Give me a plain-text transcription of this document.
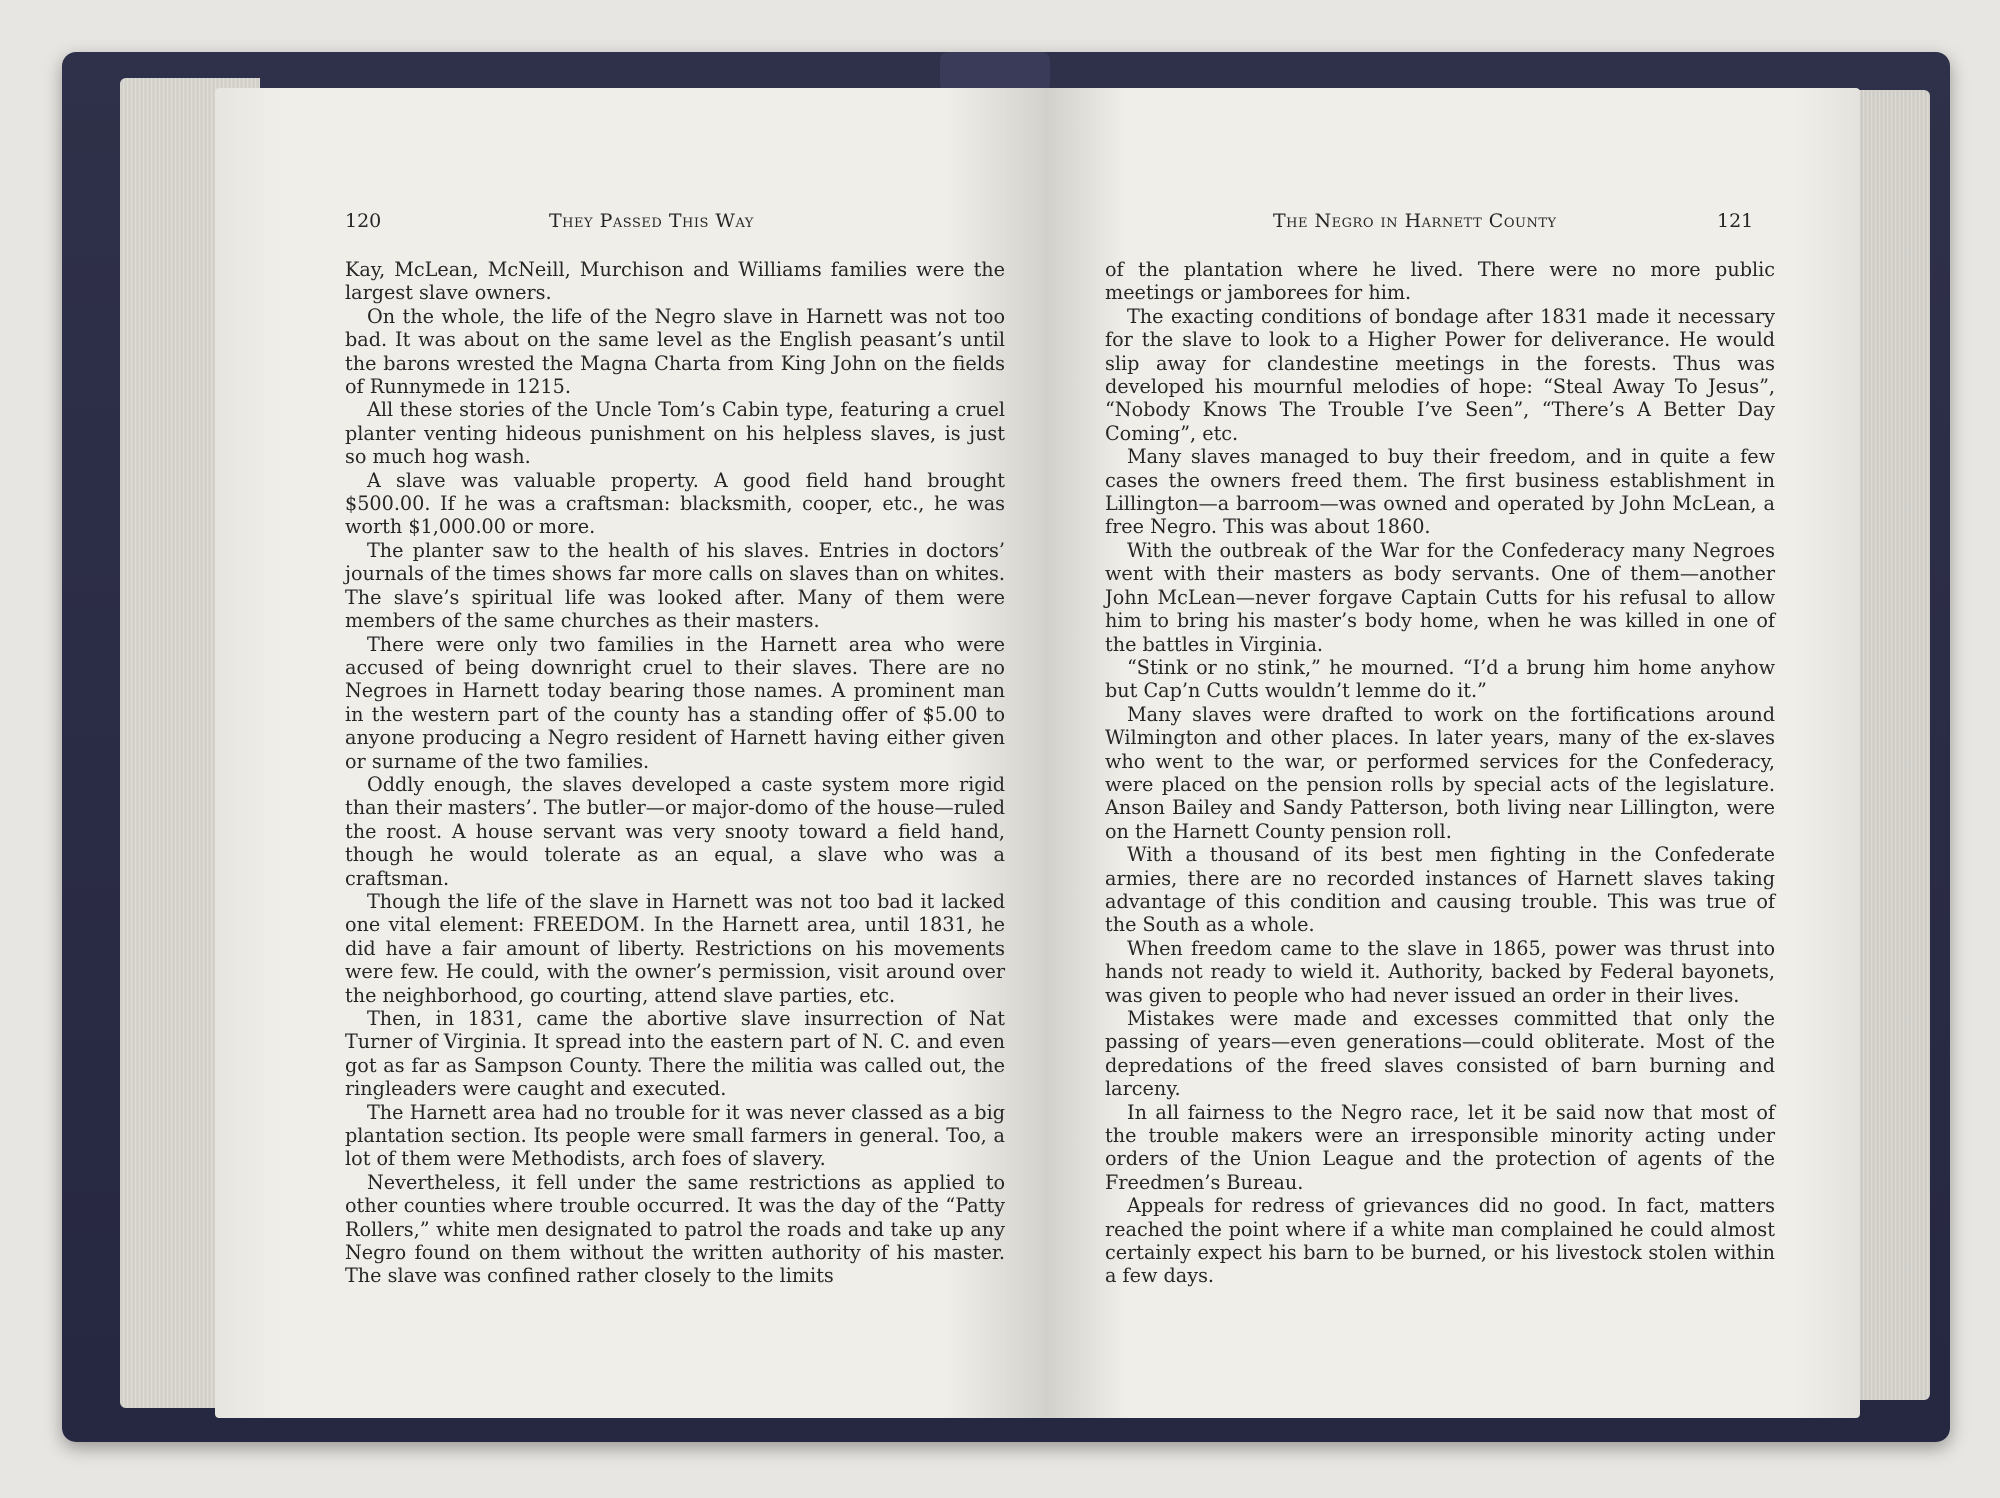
120	They Passed This Way

Kay, McLean, McNeill, Murchison and Williams families were the largest slave owners.

On the whole, the life of the Negro slave in Harnett was not too bad. It was about on the same level as the English peasant’s until the barons wrested the Magna Charta from King John on the fields of Runnymede in 1215.

All these stories of the Uncle Tom’s Cabin type, featuring a cruel planter venting hideous punishment on his helpless slaves, is just so much hog wash.

A slave was valuable property. A good field hand brought $500.00. If he was a craftsman: blacksmith, cooper, etc., he was worth $1,000.00 or more.

The planter saw to the health of his slaves. Entries in doctors’ journals of the times shows far more calls on slaves than on whites. The slave’s spiritual life was looked after. Many of them were members of the same churches as their masters.

There were only two families in the Harnett area who were accused of being downright cruel to their slaves. There are no Negroes in Harnett today bearing those names. A prominent man in the western part of the county has a standing offer of $5.00 to anyone producing a Negro resident of Harnett having either given or surname of the two families.

Oddly enough, the slaves developed a caste system more rigid than their masters’. The butler—or major-domo of the house—ruled the roost. A house servant was very snooty toward a field hand, though he would tolerate as an equal, a slave who was a craftsman.

Though the life of the slave in Harnett was not too bad it lacked one vital element: FREEDOM. In the Harnett area, until 1831, he did have a fair amount of liberty. Restrictions on his movements were few. He could, with the owner’s permission, visit around over the neighborhood, go courting, attend slave parties, etc.

Then, in 1831, came the abortive slave insurrection of Nat Turner of Virginia. It spread into the eastern part of N. C. and even got as far as Sampson County. There the militia was called out, the ringleaders were caught and executed.

The Harnett area had no trouble for it was never classed as a big plantation section. Its people were small farmers in general. Too, a lot of them were Methodists, arch foes of slavery.

Nevertheless, it fell under the same restrictions as applied to other counties where trouble occurred. It was the day of the “Patty Rollers,” white men designated to patrol the roads and take up any Negro found on them without the written authority of his master. The slave was confined rather closely to the limits

The Negro in Harnett County	121

of the plantation where he lived. There were no more public meetings or jamborees for him.

The exacting conditions of bondage after 1831 made it necessary for the slave to look to a Higher Power for deliverance. He would slip away for clandestine meetings in the forests. Thus was developed his mournful melodies of hope: “Steal Away To Jesus”, “Nobody Knows The Trouble I’ve Seen”, “There’s A Better Day Coming”, etc.

Many slaves managed to buy their freedom, and in quite a few cases the owners freed them. The first business establishment in Lillington—a barroom—was owned and operated by John McLean, a free Negro. This was about 1860.

With the outbreak of the War for the Confederacy many Negroes went with their masters as body servants. One of them—another John McLean—never forgave Captain Cutts for his refusal to allow him to bring his master’s body home, when he was killed in one of the battles in Virginia.

“Stink or no stink,” he mourned. “I’d a brung him home anyhow but Cap’n Cutts wouldn’t lemme do it.”

Many slaves were drafted to work on the fortifications around Wilmington and other places. In later years, many of the ex-slaves who went to the war, or performed services for the Confederacy, were placed on the pension rolls by special acts of the legislature. Anson Bailey and Sandy Patterson, both living near Lillington, were on the Harnett County pension roll.

With a thousand of its best men fighting in the Confederate armies, there are no recorded instances of Harnett slaves taking advantage of this condition and causing trouble. This was true of the South as a whole.

When freedom came to the slave in 1865, power was thrust into hands not ready to wield it. Authority, backed by Federal bayonets, was given to people who had never issued an order in their lives.

Mistakes were made and excesses committed that only the passing of years—even generations—could obliterate. Most of the depredations of the freed slaves consisted of barn burning and larceny.

In all fairness to the Negro race, let it be said now that most of the trouble makers were an irresponsible minority acting under orders of the Union League and the protection of agents of the Freedmen’s Bureau.

Appeals for redress of grievances did no good. In fact, matters reached the point where if a white man complained he could almost certainly expect his barn to be burned, or his livestock stolen within a few days.
